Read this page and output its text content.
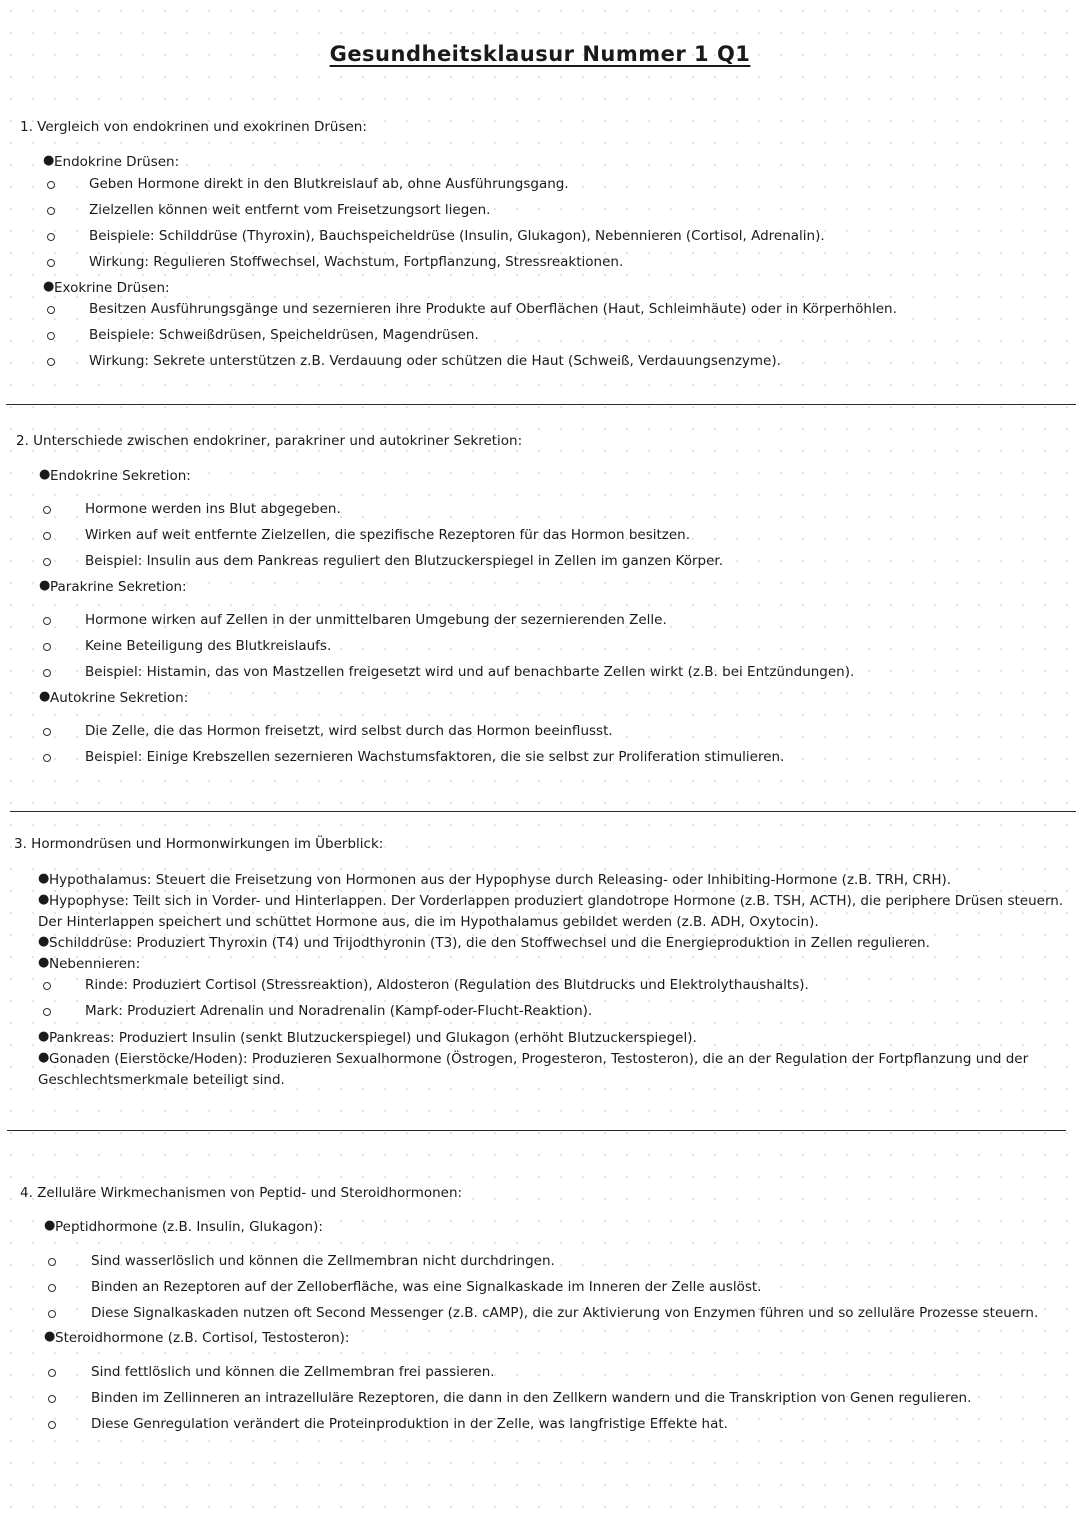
Gesundheitsklausur Nummer 1 Q1
1. Vergleich von endokrinen und exokrinen Drüsen:
● Endokrine Drüsen:
Geben Hormone direkt in den Blutkreislauf ab, ohne Ausführungsgang.
Zielzellen können weit entfernt vom Freisetzungsort liegen.
Beispiele: Schilddrüse (Thyroxin), Bauchspeicheldrüse (Insulin, Glukagon), Nebennieren (Cortisol, Adrenalin).
Wirkung: Regulieren Stoffwechsel, Wachstum, Fortpflanzung, Stressreaktionen.
● Exokrine Drüsen:
Besitzen Ausführungsgänge und sezernieren ihre Produkte auf Oberflächen (Haut, Schleimhäute) oder in Körperhöhlen.
Beispiele: Schweißdrüsen, Speicheldrüsen, Magendrüsen.
Wirkung: Sekrete unterstützen z.B. Verdauung oder schützen die Haut (Schweiß, Verdauungsenzyme).
2. Unterschiede zwischen endokriner, parakriner und autokriner Sekretion:
● Endokrine Sekretion:
Hormone werden ins Blut abgegeben.
Wirken auf weit entfernte Zielzellen, die spezifische Rezeptoren für das Hormon besitzen.
Beispiel: Insulin aus dem Pankreas reguliert den Blutzuckerspiegel in Zellen im ganzen Körper.
● Parakrine Sekretion:
Hormone wirken auf Zellen in der unmittelbaren Umgebung der sezernierenden Zelle.
Keine Beteiligung des Blutkreislaufs.
Beispiel: Histamin, das von Mastzellen freigesetzt wird und auf benachbarte Zellen wirkt (z.B. bei Entzündungen).
● Autokrine Sekretion:
Die Zelle, die das Hormon freisetzt, wird selbst durch das Hormon beeinflusst.
Beispiel: Einige Krebszellen sezernieren Wachstumsfaktoren, die sie selbst zur Proliferation stimulieren.
3. Hormondrüsen und Hormonwirkungen im Überblick:
● Hypothalamus: Steuert die Freisetzung von Hormonen aus der Hypophyse durch Releasing- oder Inhibiting-Hormone (z.B. TRH, CRH).
● Hypophyse: Teilt sich in Vorder- und Hinterlappen. Der Vorderlappen produziert glandotrope Hormone (z.B. TSH, ACTH), die periphere Drüsen steuern.
Der Hinterlappen speichert und schüttet Hormone aus, die im Hypothalamus gebildet werden (z.B. ADH, Oxytocin).
● Schilddrüse: Produziert Thyroxin (T4) und Trijodthyronin (T3), die den Stoffwechsel und die Energieproduktion in Zellen regulieren.
● Nebennieren:
Rinde: Produziert Cortisol (Stressreaktion), Aldosteron (Regulation des Blutdrucks und Elektrolythaushalts).
Mark: Produziert Adrenalin und Noradrenalin (Kampf-oder-Flucht-Reaktion).
● Pankreas: Produziert Insulin (senkt Blutzuckerspiegel) und Glukagon (erhöht Blutzuckerspiegel).
● Gonaden (Eierstöcke/Hoden): Produzieren Sexualhormone (Östrogen, Progesteron, Testosteron), die an der Regulation der Fortpflanzung und der
Geschlechtsmerkmale beteiligt sind.
4. Zelluläre Wirkmechanismen von Peptid- und Steroidhormonen:
● Peptidhormone (z.B. Insulin, Glukagon):
Sind wasserlöslich und können die Zellmembran nicht durchdringen.
Binden an Rezeptoren auf der Zelloberfläche, was eine Signalkaskade im Inneren der Zelle auslöst.
Diese Signalkaskaden nutzen oft Second Messenger (z.B. cAMP), die zur Aktivierung von Enzymen führen und so zelluläre Prozesse steuern.
● Steroidhormone (z.B. Cortisol, Testosteron):
Sind fettlöslich und können die Zellmembran frei passieren.
Binden im Zellinneren an intrazelluläre Rezeptoren, die dann in den Zellkern wandern und die Transkription von Genen regulieren.
Diese Genregulation verändert die Proteinproduktion in der Zelle, was langfristige Effekte hat.
